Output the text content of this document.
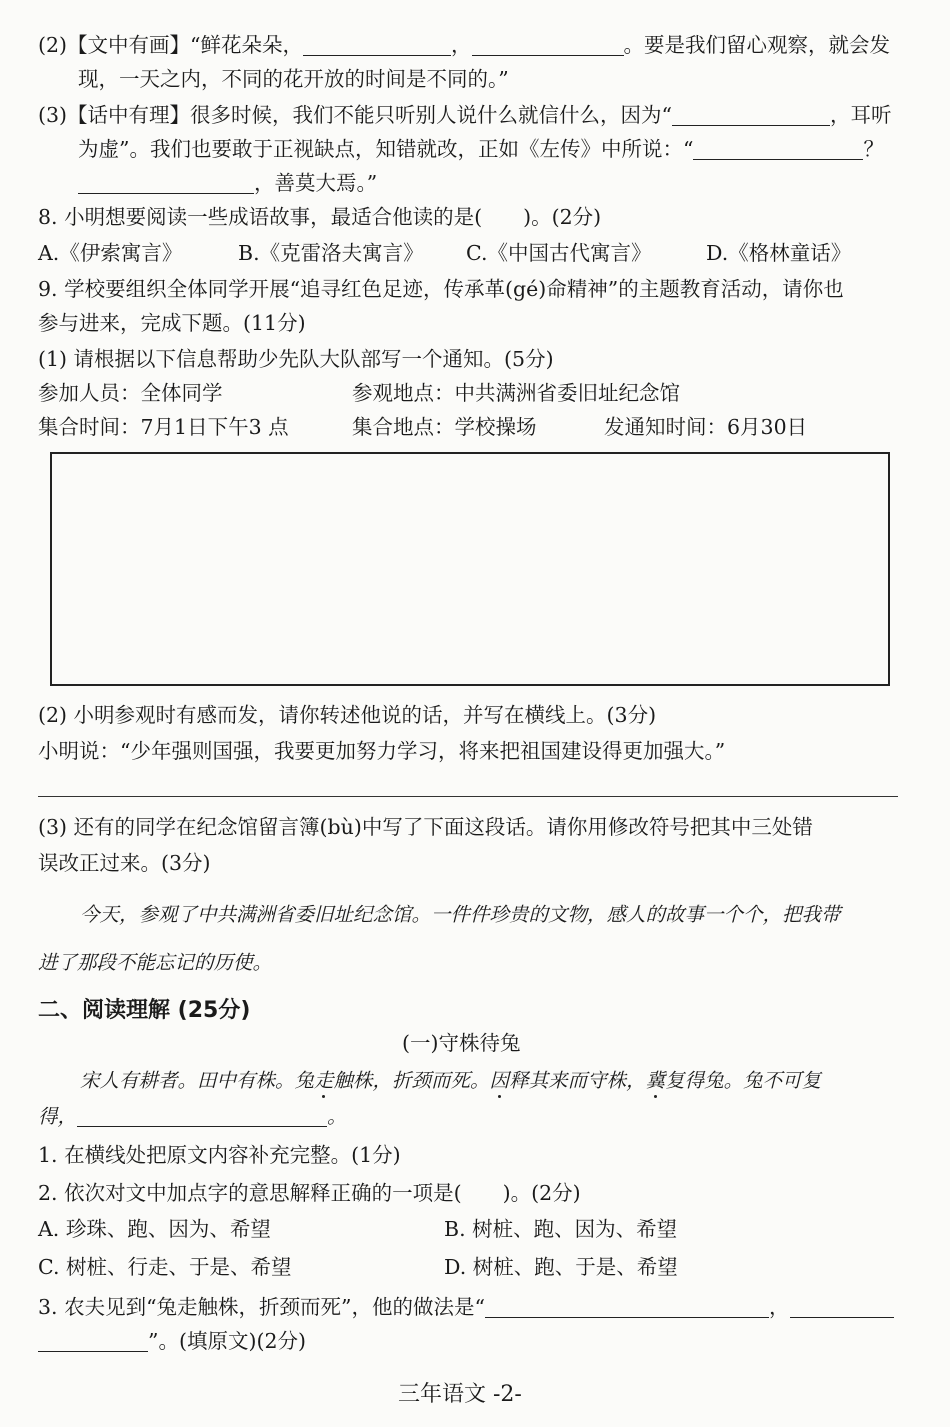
(2)【文中有画】“鲜花朵朵，	，	。要是我们留心观察，就会发
现，一天之内，不同的花开放的时间是不同的。”
(3)【话中有理】很多时候，我们不能只听别人说什么就信什么，因为“	，耳听
为虚”。我们也要敢于正视缺点，知错就改，正如《左传》中所说：“	？
，善莫大焉。”
8. 小明想要阅读一些成语故事，最适合他读的是(　　)。(2分)
A.《伊索寓言》	B.《克雷洛夫寓言》 C.《中国古代寓言》	D.《格林童话》
9. 学校要组织全体同学开展“追寻红色足迹，传承革(gé)命精神”的主题教育活动，请你也
参与进来，完成下题。(11分)
(1) 请根据以下信息帮助少先队大队部写一个通知。(5分)
参加人员：全体同学	参观地点：中共满洲省委旧址纪念馆
集合时间：7月1日下午3 点	集合地点：学校操场	发通知时间：6月30日
(2) 小明参观时有感而发，请你转述他说的话，并写在横线上。(3分)
小明说：“少年强则国强，我要更加努力学习，将来把祖国建设得更加强大。”
(3) 还有的同学在纪念馆留言簿(bù)中写了下面这段话。请你用修改符号把其中三处错
误改正过来。(3分)
今天，参观了中共满洲省委旧址纪念馆。一件件珍贵的文物，感人的故事一个个，把我带
进了那段不能忘记的历使。
二、阅读理解 (25分)
(一)守株待兔
宋人有耕者。田中有株。兔走触株，折颈而死。因释其来而守株，冀复得兔。兔不可复
得，	。
1. 在横线处把原文内容补充完整。(1分)
2. 依次对文中加点字的意思解释正确的一项是(　　)。(2分)
A. 珍珠、跑、因为、希望	B. 树桩、跑、因为、希望
C. 树桩、行走、于是、希望	D. 树桩、跑、于是、希望
3. 农夫见到“兔走触株，折颈而死”，他的做法是“	，
”。(填原文)(2分)
三年语文 -2-
